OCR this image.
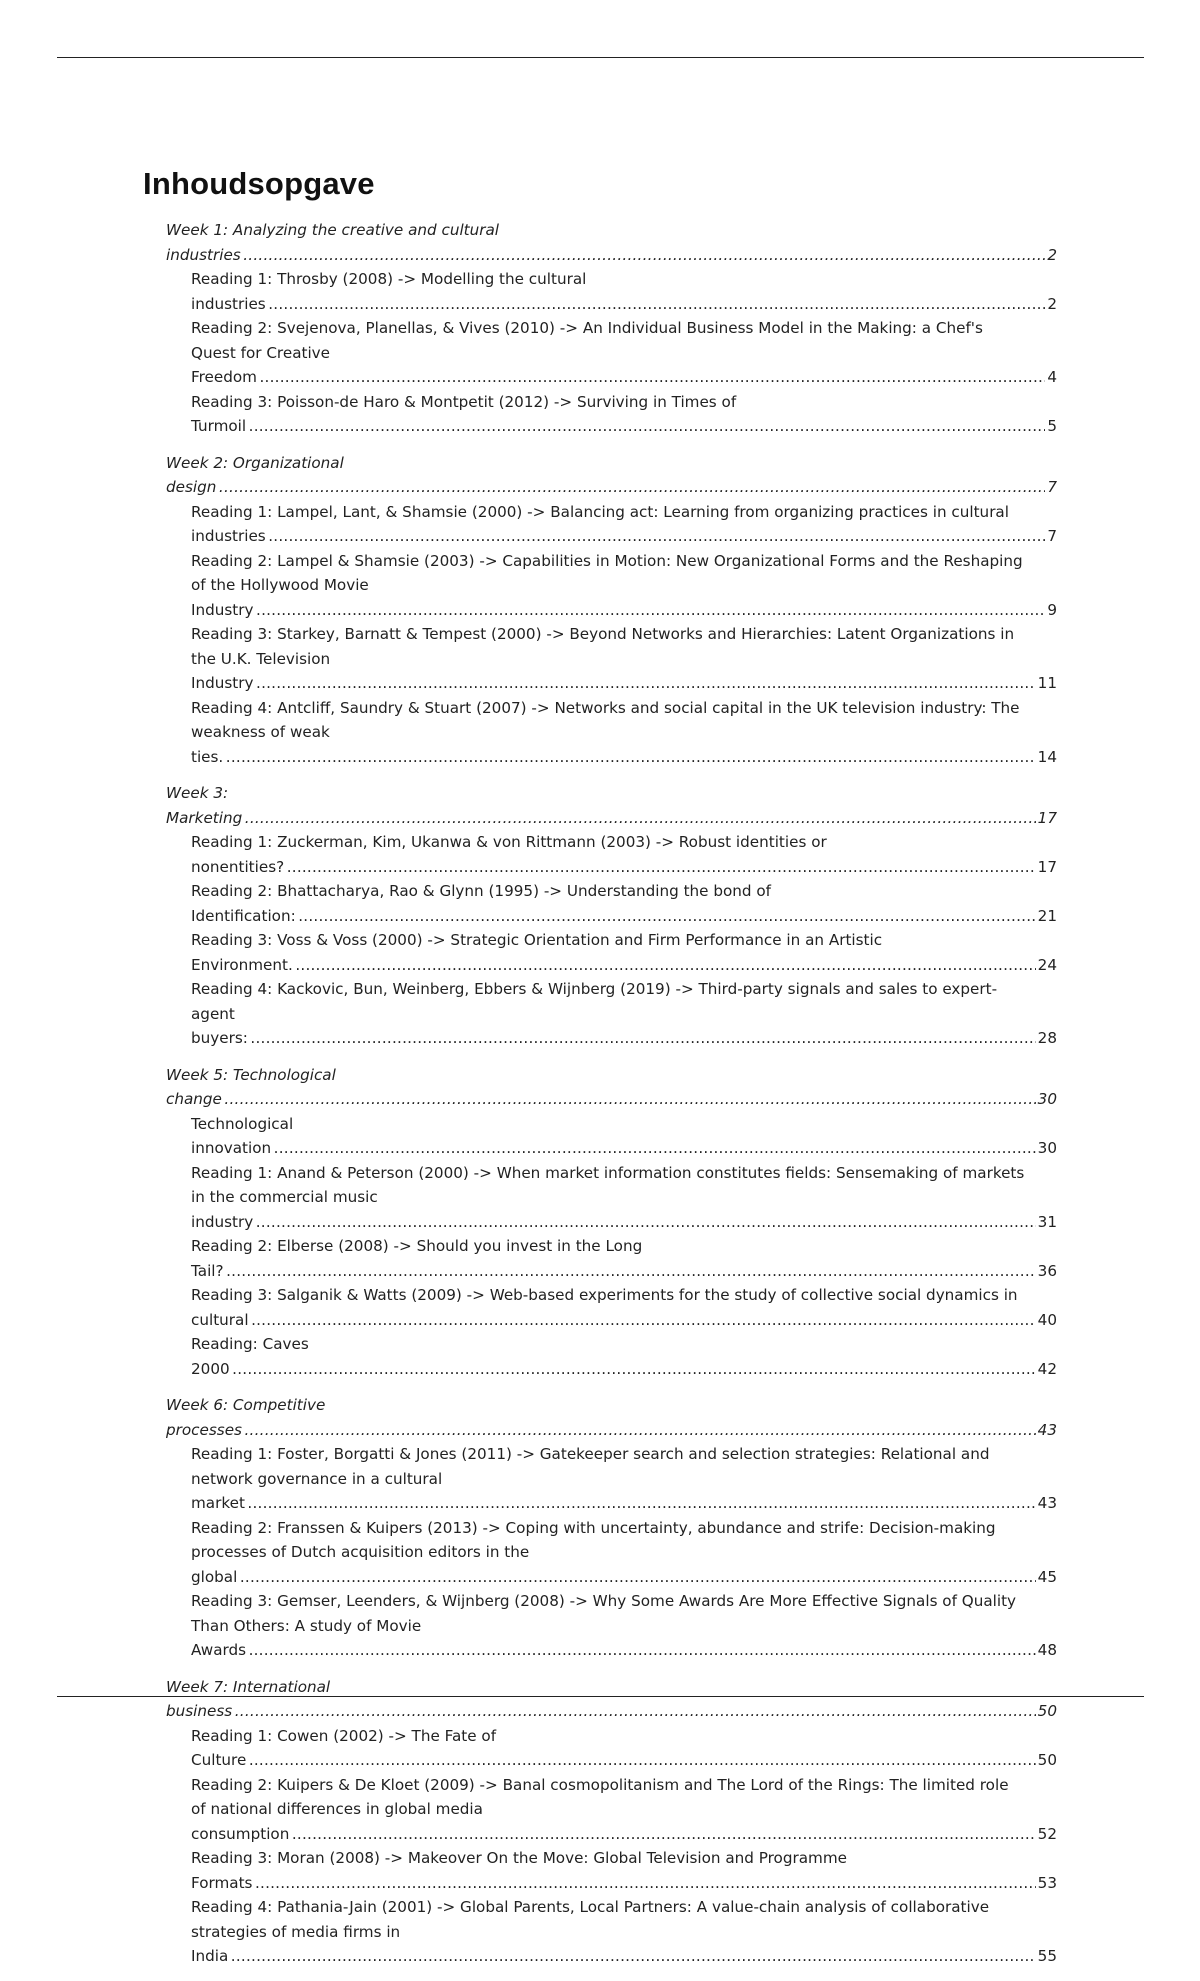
Inhoudsopgave
Week 1: Analyzing the creative and cultural industries . . .	2
Reading 1: Throsby (2008) -> Modelling the cultural industries . . .	2
Reading 2: Svejenova, Planellas, & Vives (2010) -> An Individual Business Model in the Making: a Chef's Quest for Creative Freedom . . .	4
Reading 3: Poisson-de Haro & Montpetit (2012) -> Surviving in Times of Turmoil . . .	5
Week 2: Organizational design . . .	7
Reading 1: Lampel, Lant, & Shamsie (2000) -> Balancing act: Learning from organizing practices in cultural industries . . .	7
Reading 2: Lampel & Shamsie (2003) -> Capabilities in Motion: New Organizational Forms and the Reshaping of the Hollywood Movie Industry . . .	9
Reading 3: Starkey, Barnatt & Tempest (2000) -> Beyond Networks and Hierarchies: Latent Organizations in the U.K. Television Industry . . .	11
Reading 4: Antcliff, Saundry & Stuart (2007) -> Networks and social capital in the UK television industry: The weakness of weak ties. . . .	14
Week 3: Marketing . . .	17
Reading 1: Zuckerman, Kim, Ukanwa & von Rittmann (2003) -> Robust identities or nonentities? . . .	17
Reading 2: Bhattacharya, Rao & Glynn (1995) -> Understanding the bond of Identification: . . .	21
Reading 3: Voss & Voss (2000) -> Strategic Orientation and Firm Performance in an Artistic Environment. . . .	24
Reading 4: Kackovic, Bun, Weinberg, Ebbers & Wijnberg (2019) -> Third-party signals and sales to expert-agent buyers: . . .	28
Week 5: Technological change . . .	30
Technological innovation . . .	30
Reading 1: Anand & Peterson (2000) -> When market information constitutes fields: Sensemaking of markets in the commercial music industry . . .	31
Reading 2: Elberse (2008) -> Should you invest in the Long Tail? . . .	36
Reading 3: Salganik & Watts (2009) -> Web-based experiments for the study of collective social dynamics in cultural . . .	40
Reading: Caves 2000 . . .	42
Week 6: Competitive processes . . .	43
Reading 1: Foster, Borgatti & Jones (2011) -> Gatekeeper search and selection strategies: Relational and network governance in a cultural market . . .	43
Reading 2: Franssen & Kuipers (2013) -> Coping with uncertainty, abundance and strife: Decision-making processes of Dutch acquisition editors in the global . . .	45
Reading 3: Gemser, Leenders, & Wijnberg (2008) -> Why Some Awards Are More Effective Signals of Quality Than Others: A study of Movie Awards . . .	48
Week 7: International business . . .	50
Reading 1: Cowen (2002) -> The Fate of Culture . . .	50
Reading 2: Kuipers & De Kloet (2009) -> Banal cosmopolitanism and The Lord of the Rings: The limited role of national differences in global media consumption . . .	52
Reading 3: Moran (2008) -> Makeover On the Move: Global Television and Programme Formats . . .	53
Reading 4: Pathania-Jain (2001) -> Global Parents, Local Partners: A value-chain analysis of collaborative strategies of media firms in India . . .	55
